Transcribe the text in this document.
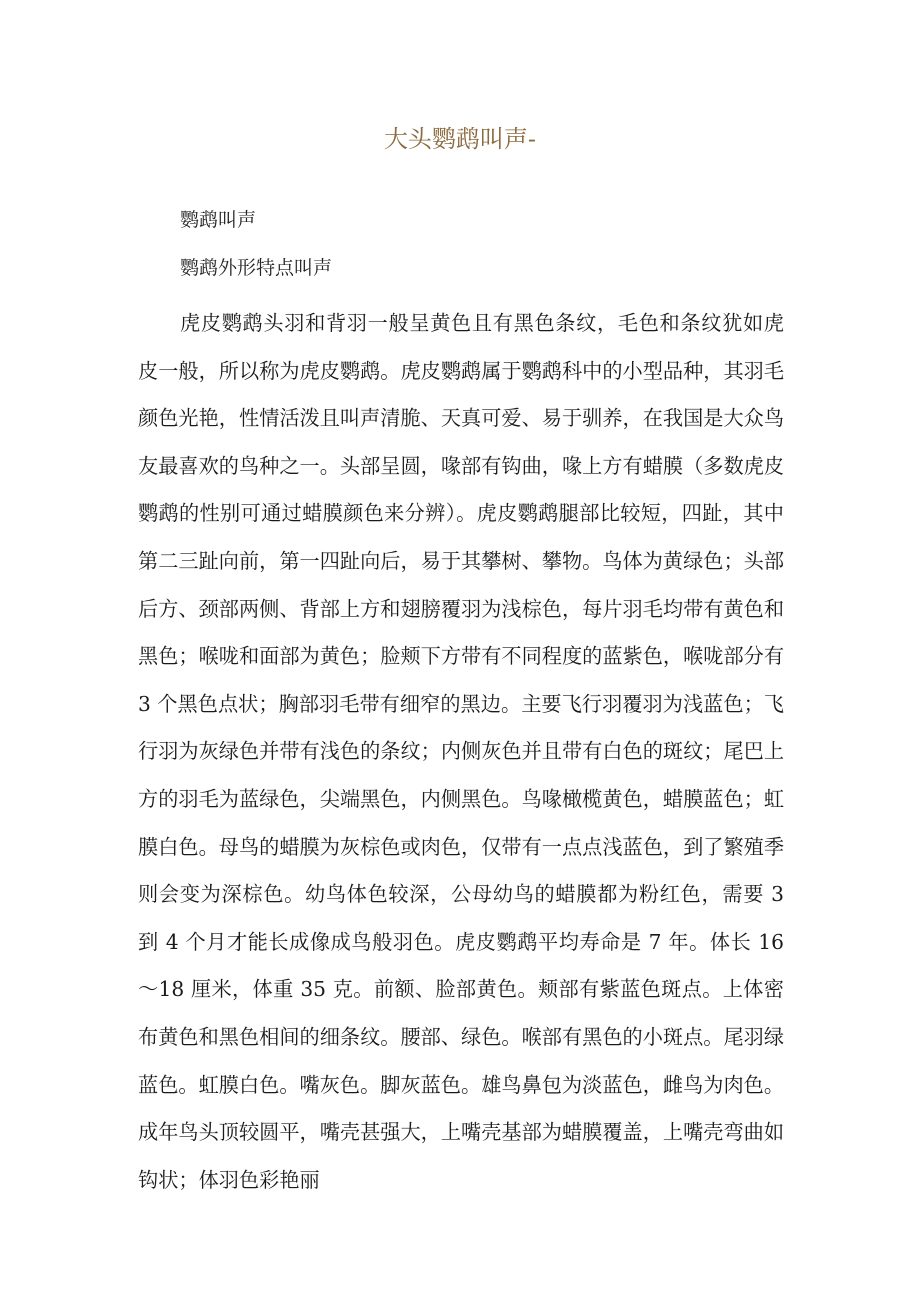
大头鹦鹉叫声-

鹦鹉叫声

鹦鹉外形特点叫声

虎皮鹦鹉头羽和背羽一般呈黄色且有黑色条纹，毛色和条纹犹如虎皮一般，所以称为虎皮鹦鹉。虎皮鹦鹉属于鹦鹉科中的小型品种，其羽毛颜色光艳，性情活泼且叫声清脆、天真可爱、易于驯养，在我国是大众鸟友最喜欢的鸟种之一。头部呈圆，喙部有钩曲，喙上方有蜡膜（多数虎皮鹦鹉的性别可通过蜡膜颜色来分辨）。虎皮鹦鹉腿部比较短，四趾，其中第二三趾向前，第一四趾向后，易于其攀树、攀物。鸟体为黄绿色；头部后方、颈部两侧、背部上方和翅膀覆羽为浅棕色，每片羽毛均带有黄色和黑色；喉咙和面部为黄色；脸颊下方带有不同程度的蓝紫色，喉咙部分有 3 个黑色点状；胸部羽毛带有细窄的黑边。主要飞行羽覆羽为浅蓝色；飞行羽为灰绿色并带有浅色的条纹；内侧灰色并且带有白色的斑纹；尾巴上方的羽毛为蓝绿色，尖端黑色，内侧黑色。鸟喙橄榄黄色，蜡膜蓝色；虹膜白色。母鸟的蜡膜为灰棕色或肉色，仅带有一点点浅蓝色，到了繁殖季则会变为深棕色。幼鸟体色较深，公母幼鸟的蜡膜都为粉红色，需要 3 到 4 个月才能长成像成鸟般羽色。虎皮鹦鹉平均寿命是 7 年。体长 16～18 厘米，体重 35 克。前额、脸部黄色。颊部有紫蓝色斑点。上体密布黄色和黑色相间的细条纹。腰部、绿色。喉部有黑色的小斑点。尾羽绿蓝色。虹膜白色。嘴灰色。脚灰蓝色。雄鸟鼻包为淡蓝色，雌鸟为肉色。成年鸟头顶较圆平，嘴壳甚强大，上嘴壳基部为蜡膜覆盖，上嘴壳弯曲如钩状；体羽色彩艳丽
